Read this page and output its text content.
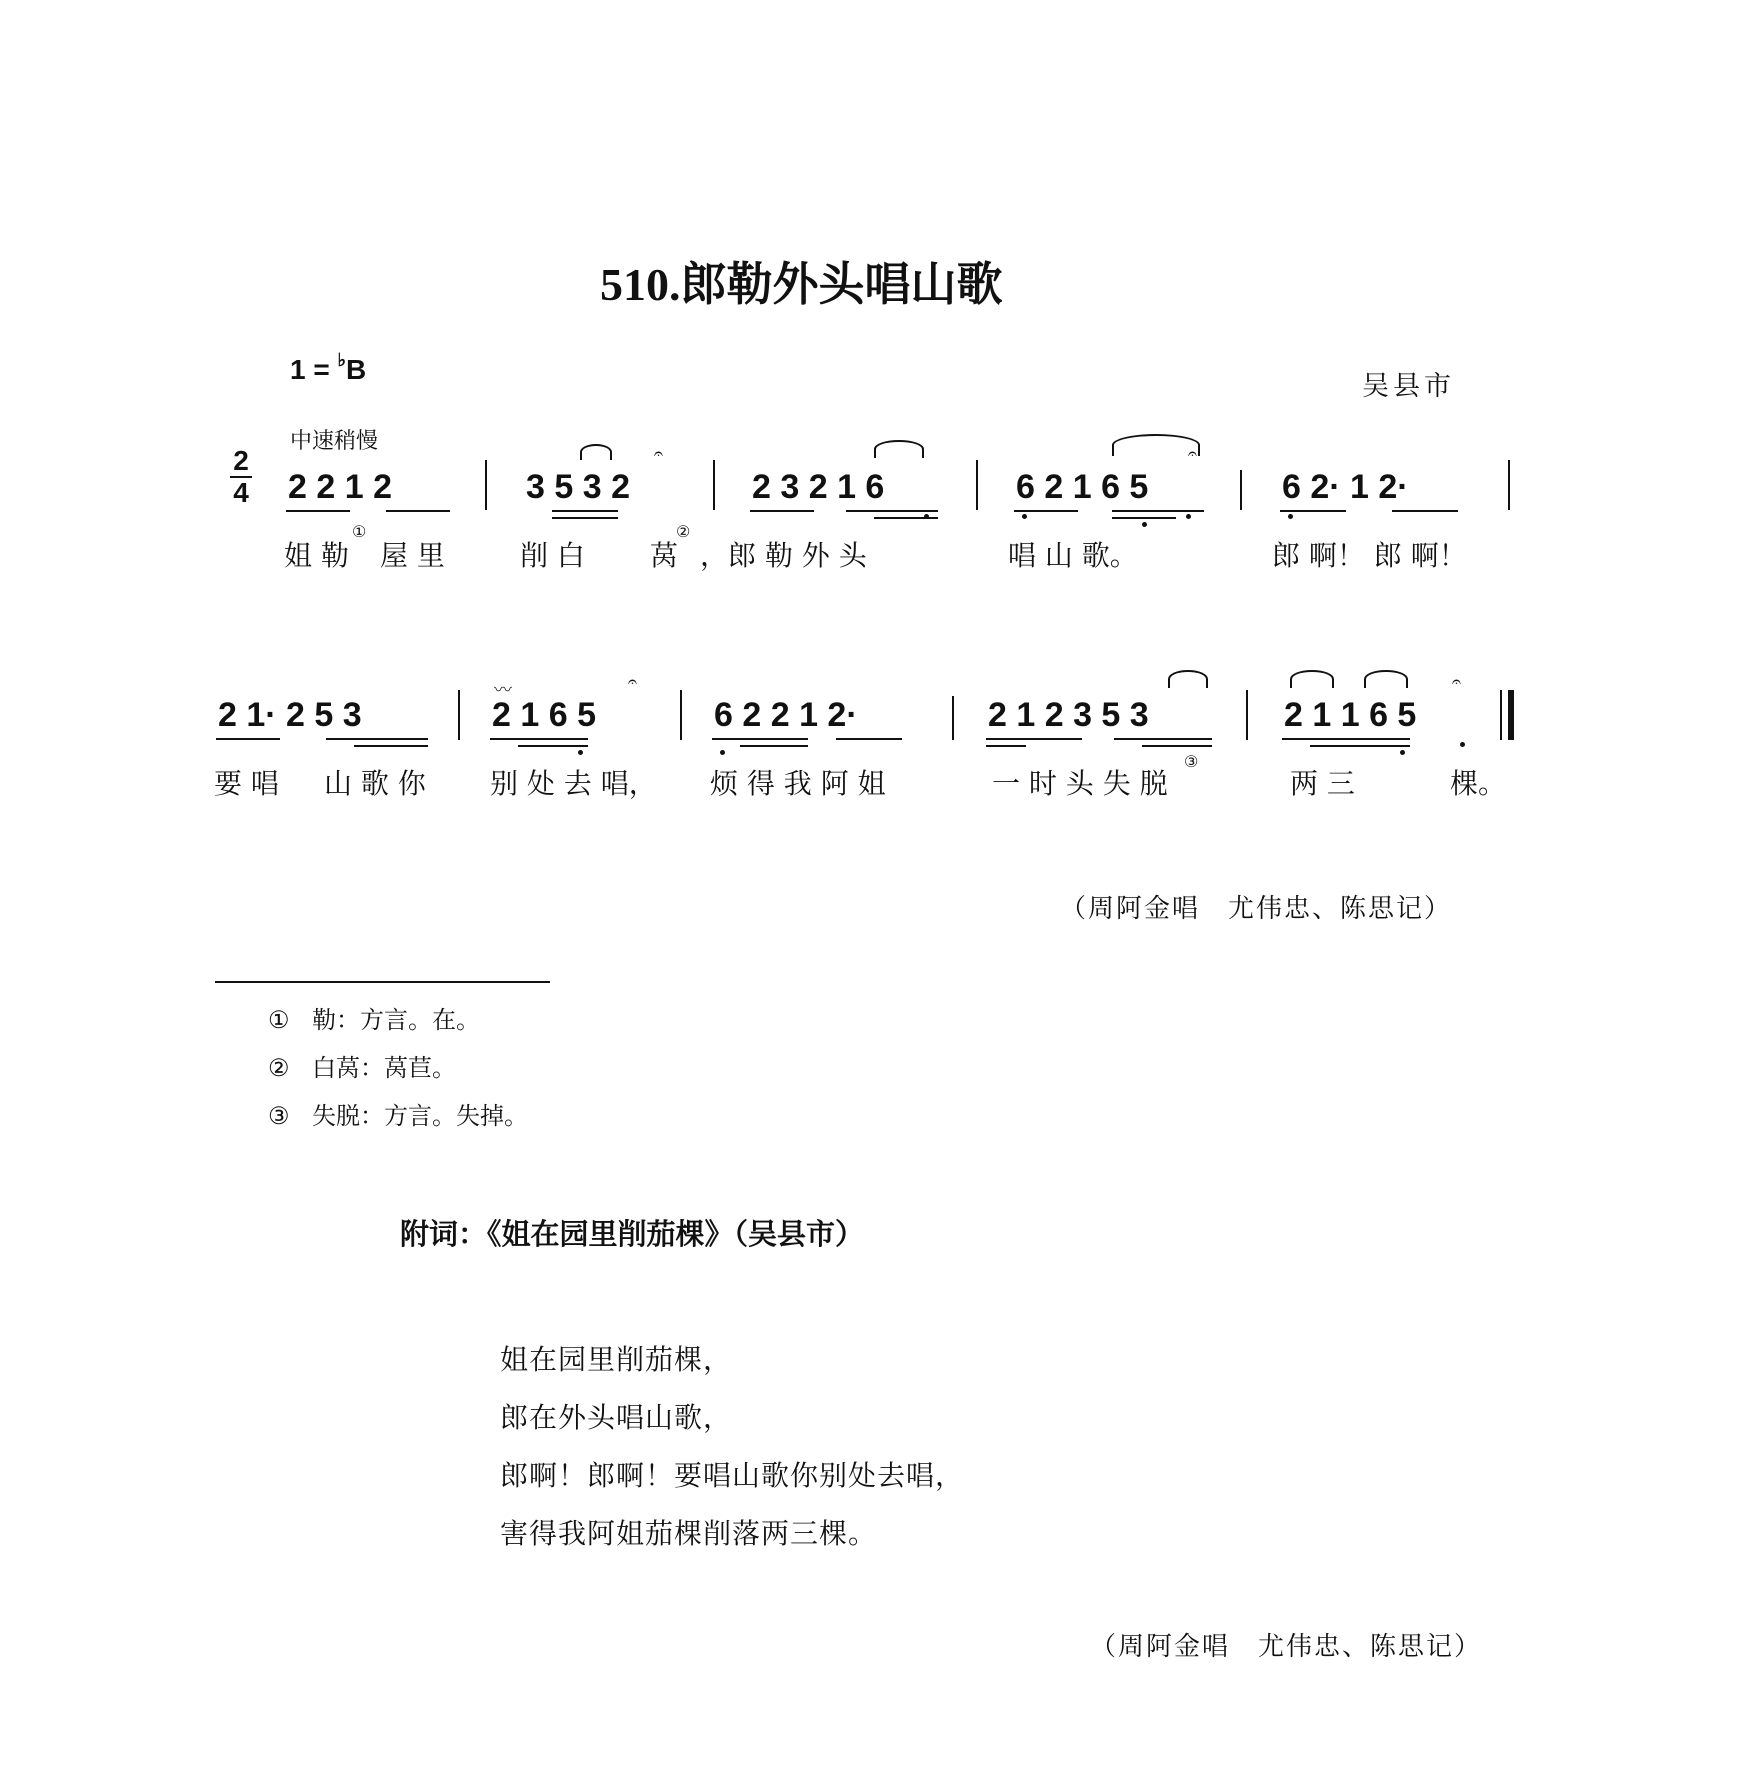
510.郎勒外头唱山歌
1 = ♭B
吴县市
中速稍慢
2
4 2 2 1 2	3 5 3 2	2 3 2 1 6	6 2 1 6 5	6 2· 1 2·
𝄐	𝄐
姐 勒
①
屋 里	削 白 莴
②
，郎 勒 外 头	唱 山 歌。	郎 啊！ 郎 啊！
2 1· 2 5 3	2 1 6 5	6 2 2 1 2·	2 1 2 3 5 3	2 1 1 6 5
𝄐	𝄐
〰
要 唱 山 歌 你 别 处 去 唱， 烦 得 我 阿 姐	一 时 头 失 脱
③
两 三	棵。
（周阿金唱　尤伟忠、陈思记）
① 勒：方言。在。
② 白莴：莴苣。
③ 失脱：方言。失掉。
附词：《姐在园里削茄棵》（吴县市）
姐在园里削茄棵，
郎在外头唱山歌，
郎啊！郎啊！要唱山歌你别处去唱，
害得我阿姐茄棵削落两三棵。
（周阿金唱　尤伟忠、陈思记）
